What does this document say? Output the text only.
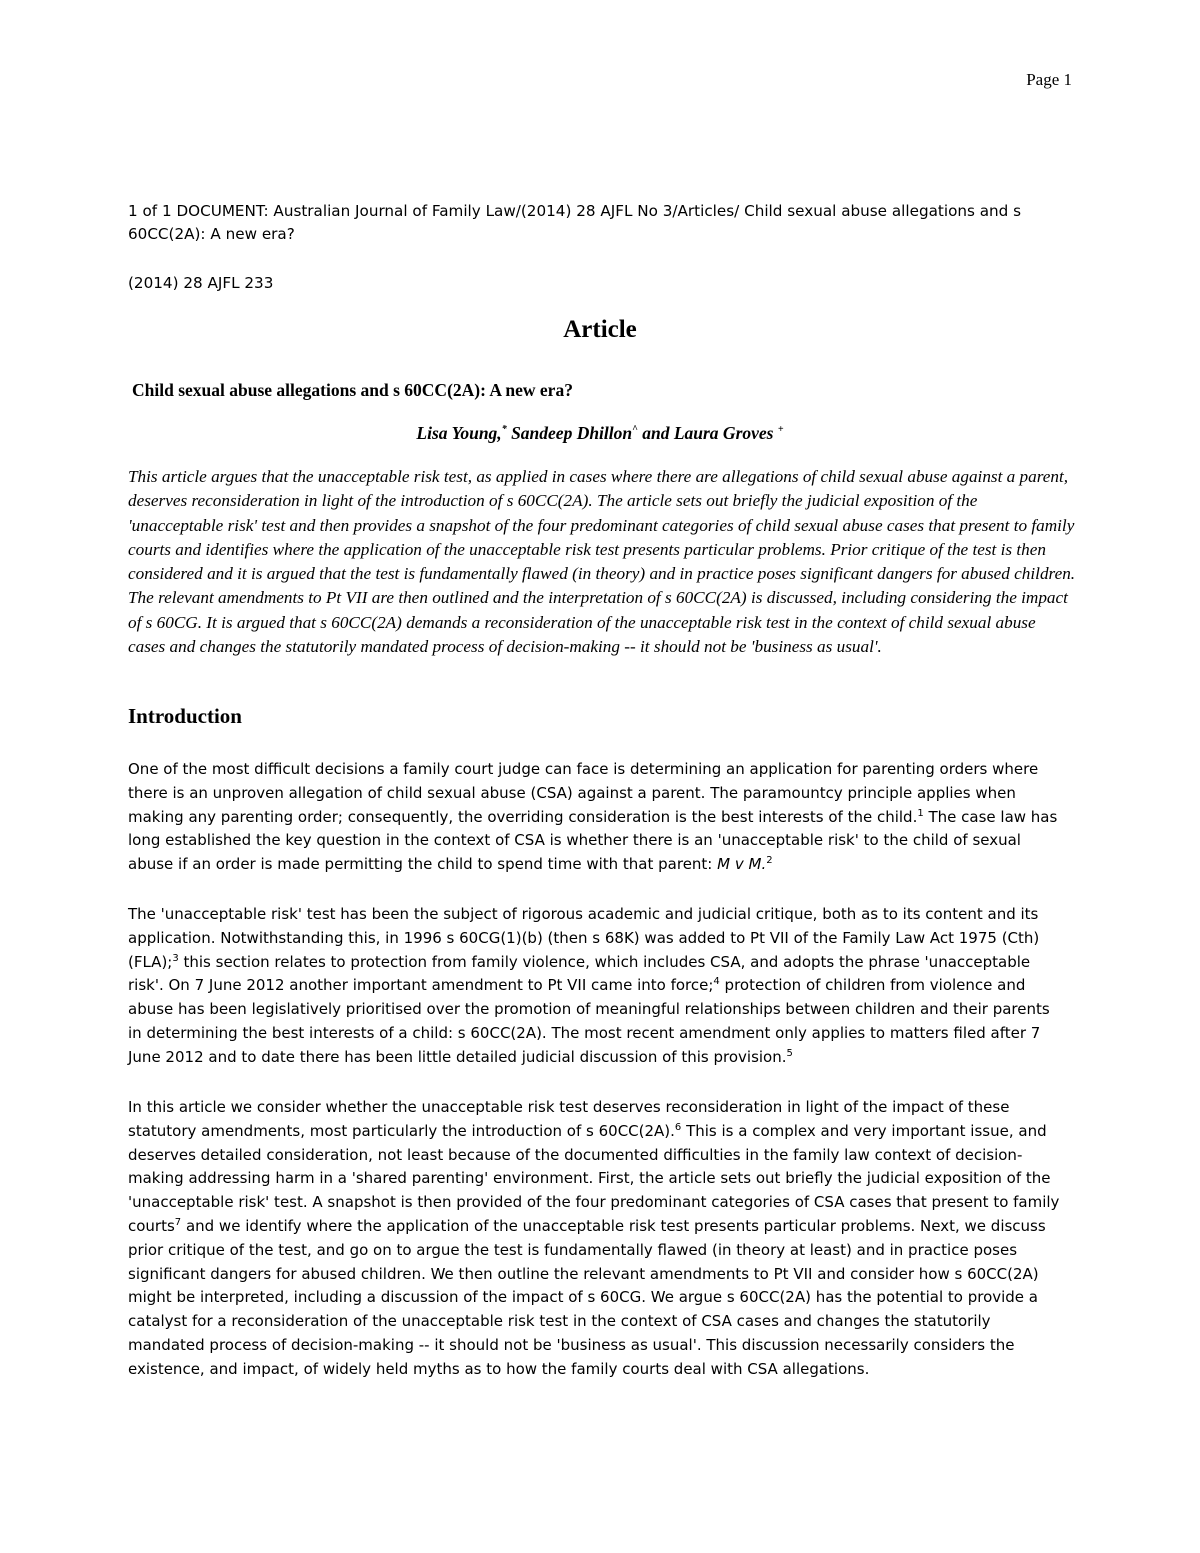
Page 1
1 of 1 DOCUMENT: Australian Journal of Family Law/(2014) 28 AJFL No 3/Articles/ Child sexual abuse allegations and s 60CC(2A): A new era?
(2014) 28 AJFL 233
Article
Child sexual abuse allegations and s 60CC(2A): A new era?
Lisa Young,* Sandeep Dhillon^ and Laura Groves +
This article argues that the unacceptable risk test, as applied in cases where there are allegations of child sexual abuse against a parent, deserves reconsideration in light of the introduction of s 60CC(2A). The article sets out briefly the judicial exposition of the 'unacceptable risk' test and then provides a snapshot of the four predominant categories of child sexual abuse cases that present to family courts and identifies where the application of the unacceptable risk test presents particular problems. Prior critique of the test is then considered and it is argued that the test is fundamentally flawed (in theory) and in practice poses significant dangers for abused children. The relevant amendments to Pt VII are then outlined and the interpretation of s 60CC(2A) is discussed, including considering the impact of s 60CG. It is argued that s 60CC(2A) demands a reconsideration of the unacceptable risk test in the context of child sexual abuse cases and changes the statutorily mandated process of decision-making -- it should not be 'business as usual'.
Introduction

One of the most difficult decisions a family court judge can face is determining an application for parenting orders where there is an unproven allegation of child sexual abuse (CSA) against a parent. The paramountcy principle applies when making any parenting order; consequently, the overriding consideration is the best interests of the child.$^1$ The case law has long established the key question in the context of CSA is whether there is an 'unacceptable risk' to the child of sexual abuse if an order is made permitting the child to spend time with that parent: M v M.$^2$

The 'unacceptable risk' test has been the subject of rigorous academic and judicial critique, both as to its content and its application. Notwithstanding this, in 1996 s 60CG(1)(b) (then s 68K) was added to Pt VII of the Family Law Act 1975 (Cth) (FLA);$^3$ this section relates to protection from family violence, which includes CSA, and adopts the phrase 'unacceptable risk'. On 7 June 2012 another important amendment to Pt VII came into force;$^4$ protection of children from violence and abuse has been legislatively prioritised over the promotion of meaningful relationships between children and their parents in determining the best interests of a child: s 60CC(2A). The most recent amendment only applies to matters filed after 7 June 2012 and to date there has been little detailed judicial discussion of this provision.$^5$

In this article we consider whether the unacceptable risk test deserves reconsideration in light of the impact of these statutory amendments, most particularly the introduction of s 60CC(2A).$^6$ This is a complex and very important issue, and deserves detailed consideration, not least because of the documented difficulties in the family law context of decision-making addressing harm in a 'shared parenting' environment. First, the article sets out briefly the judicial exposition of the 'unacceptable risk' test. A snapshot is then provided of the four predominant categories of CSA cases that present to family courts$^7$ and we identify where the application of the unacceptable risk test presents particular problems. Next, we discuss prior critique of the test, and go on to argue the test is fundamentally flawed (in theory at least) and in practice poses significant dangers for abused children. We then outline the relevant amendments to Pt VII and consider how s 60CC(2A) might be interpreted, including a discussion of the impact of s 60CG. We argue s 60CC(2A) has the potential to provide a catalyst for a reconsideration of the unacceptable risk test in the context of CSA cases and changes the statutorily mandated process of decision-making -- it should not be 'business as usual'. This discussion necessarily considers the existence, and impact, of widely held myths as to how the family courts deal with CSA allegations.
